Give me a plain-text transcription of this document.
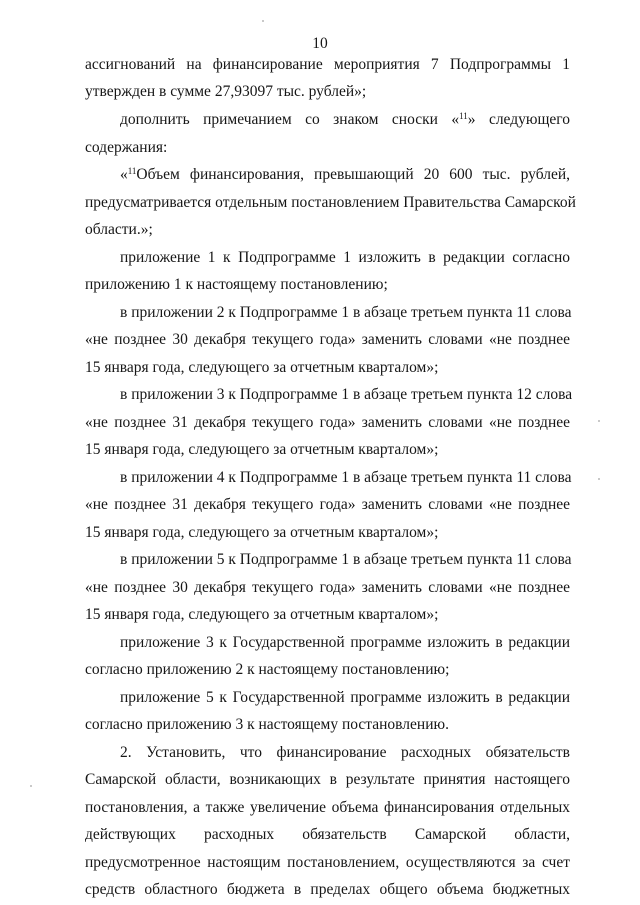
10
ассигнований на финансирование мероприятия 7 Подпрограммы 1
утвержден в сумме 27,93097 тыс. рублей»;
дополнить примечанием со знаком сноски «$^{11}$» следующего
содержания:
«$^{11}$Объем финансирования, превышающий 20 600 тыс. рублей,
предусматривается отдельным постановлением Правительства Самарской
области.»;
приложение 1 к Подпрограмме 1 изложить в редакции согласно
приложению 1 к настоящему постановлению;
в приложении 2 к Подпрограмме 1 в абзаце третьем пункта 11 слова
«не позднее 30 декабря текущего года» заменить словами «не позднее
15 января года, следующего за отчетным кварталом»;
в приложении 3 к Подпрограмме 1 в абзаце третьем пункта 12 слова
«не позднее 31 декабря текущего года» заменить словами «не позднее
15 января года, следующего за отчетным кварталом»;
в приложении 4 к Подпрограмме 1 в абзаце третьем пункта 11 слова
«не позднее 31 декабря текущего года» заменить словами «не позднее
15 января года, следующего за отчетным кварталом»;
в приложении 5 к Подпрограмме 1 в абзаце третьем пункта 11 слова
«не позднее 30 декабря текущего года» заменить словами «не позднее
15 января года, следующего за отчетным кварталом»;
приложение 3 к Государственной программе изложить в редакции
согласно приложению 2 к настоящему постановлению;
приложение 5 к Государственной программе изложить в редакции
согласно приложению 3 к настоящему постановлению.
2. Установить, что финансирование расходных обязательств
Самарской области, возникающих в результате принятия настоящего
постановления, а также увеличение объема финансирования отдельных
действующих расходных обязательств Самарской области,
предусмотренное настоящим постановлением, осуществляются за счет
средств областного бюджета в пределах общего объема бюджетных
